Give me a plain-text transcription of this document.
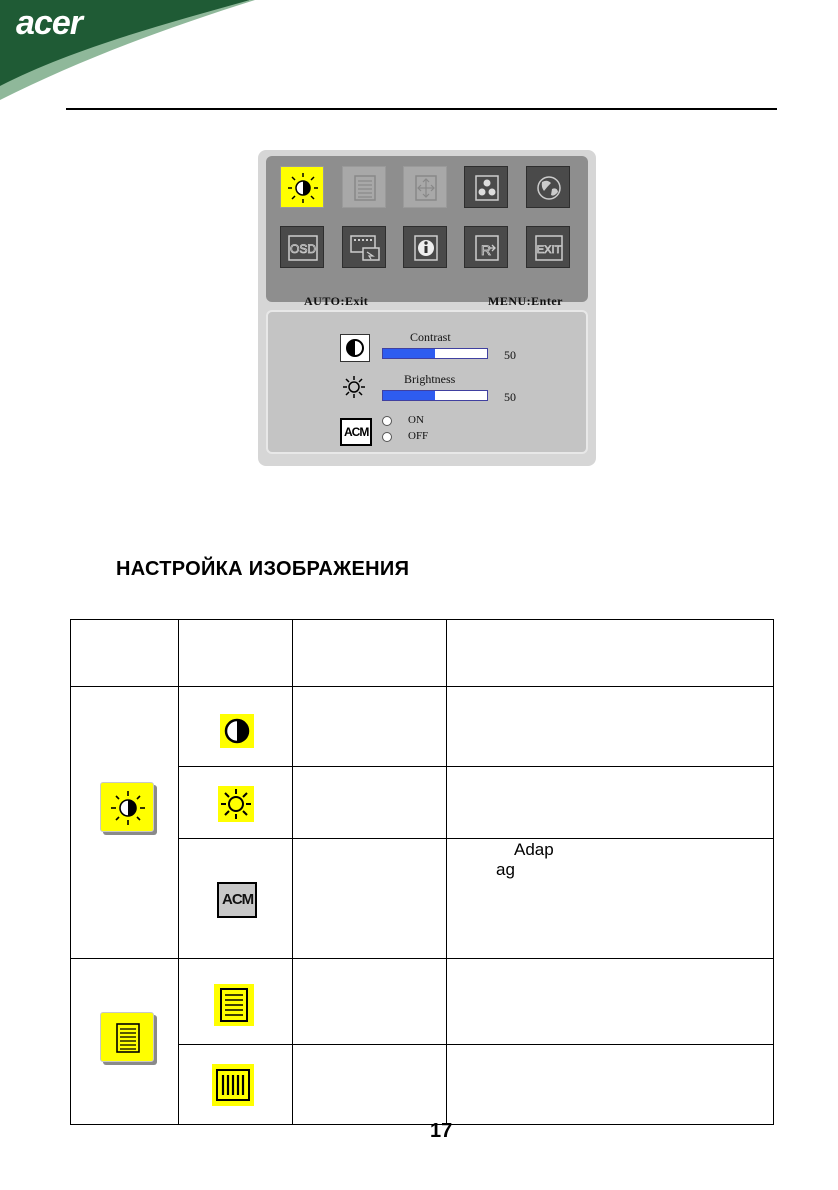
acer
OSD	R	EXIT
AUTO:Exit	MENU:Enter
Contrast
50
Brightness
50
ACM
ON
OFF
НАСТРОЙКА ИЗОБРАЖЕНИЯ
ACM
Adap
ag
17
